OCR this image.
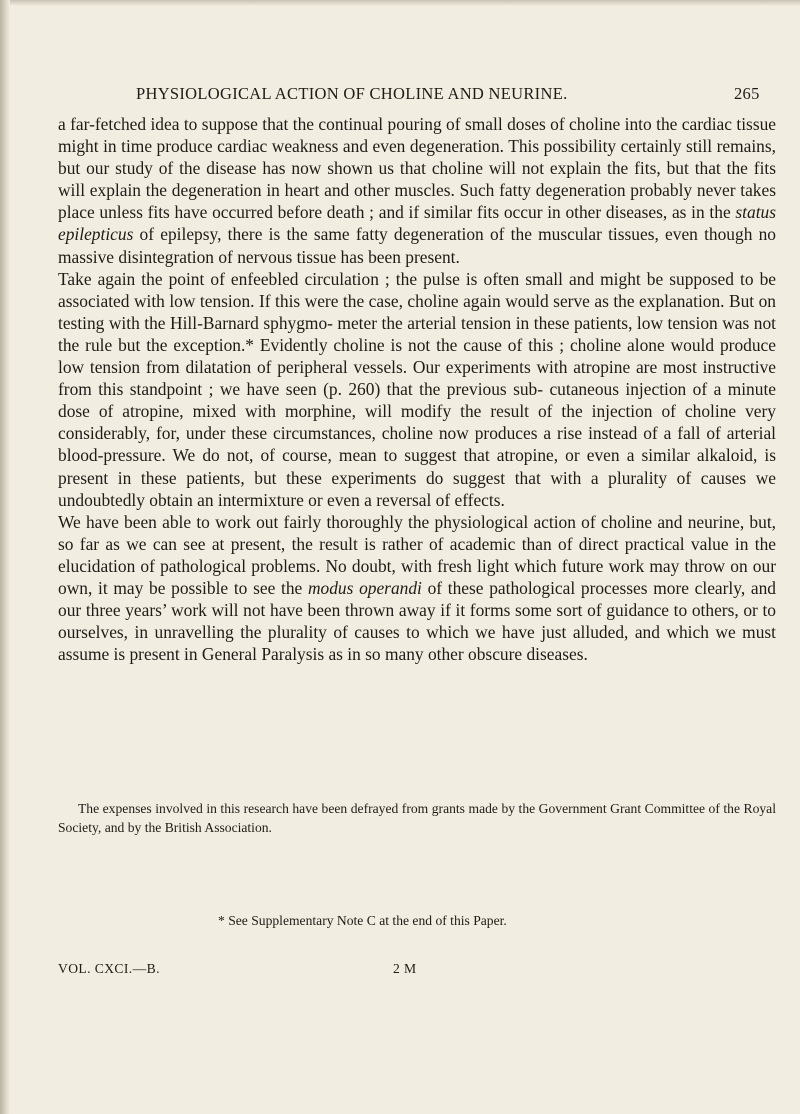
PHYSIOLOGICAL ACTION OF CHOLINE AND NEURINE.	265

a far-fetched idea to suppose that the continual pouring of small doses of choline into the cardiac tissue might in time produce cardiac weakness and even degeneration. This possibility certainly still remains, but our study of the disease has now shown us that choline will not explain the fits, but that the fits will explain the degeneration in heart and other muscles. Such fatty degeneration probably never takes place unless fits have occurred before death ; and if similar fits occur in other diseases, as in the status epilepticus of epilepsy, there is the same fatty degeneration of the muscular tissues, even though no massive disintegration of nervous tissue has been present.

Take again the point of enfeebled circulation ; the pulse is often small and might be supposed to be associated with low tension. If this were the case, choline again would serve as the explanation. But on testing with the Hill-Barnard sphygmo- meter the arterial tension in these patients, low tension was not the rule but the exception.* Evidently choline is not the cause of this ; choline alone would produce low tension from dilatation of peripheral vessels. Our experiments with atropine are most instructive from this standpoint ; we have seen (p. 260) that the previous sub- cutaneous injection of a minute dose of atropine, mixed with morphine, will modify the result of the injection of choline very considerably, for, under these circumstances, choline now produces a rise instead of a fall of arterial blood-pressure. We do not, of course, mean to suggest that atropine, or even a similar alkaloid, is present in these patients, but these experiments do suggest that with a plurality of causes we undoubtedly obtain an intermixture or even a reversal of effects.

We have been able to work out fairly thoroughly the physiological action of choline and neurine, but, so far as we can see at present, the result is rather of academic than of direct practical value in the elucidation of pathological problems. No doubt, with fresh light which future work may throw on our own, it may be possible to see the modus operandi of these pathological processes more clearly, and our three years’ work will not have been thrown away if it forms some sort of guidance to others, or to ourselves, in unravelling the plurality of causes to which we have just alluded, and which we must assume is present in General Paralysis as in so many other obscure diseases.

The expenses involved in this research have been defrayed from grants made by the Government Grant Committee of the Royal Society, and by the British Association.
* See Supplementary Note C at the end of this Paper.
VOL. CXCI.—B.	2 M
